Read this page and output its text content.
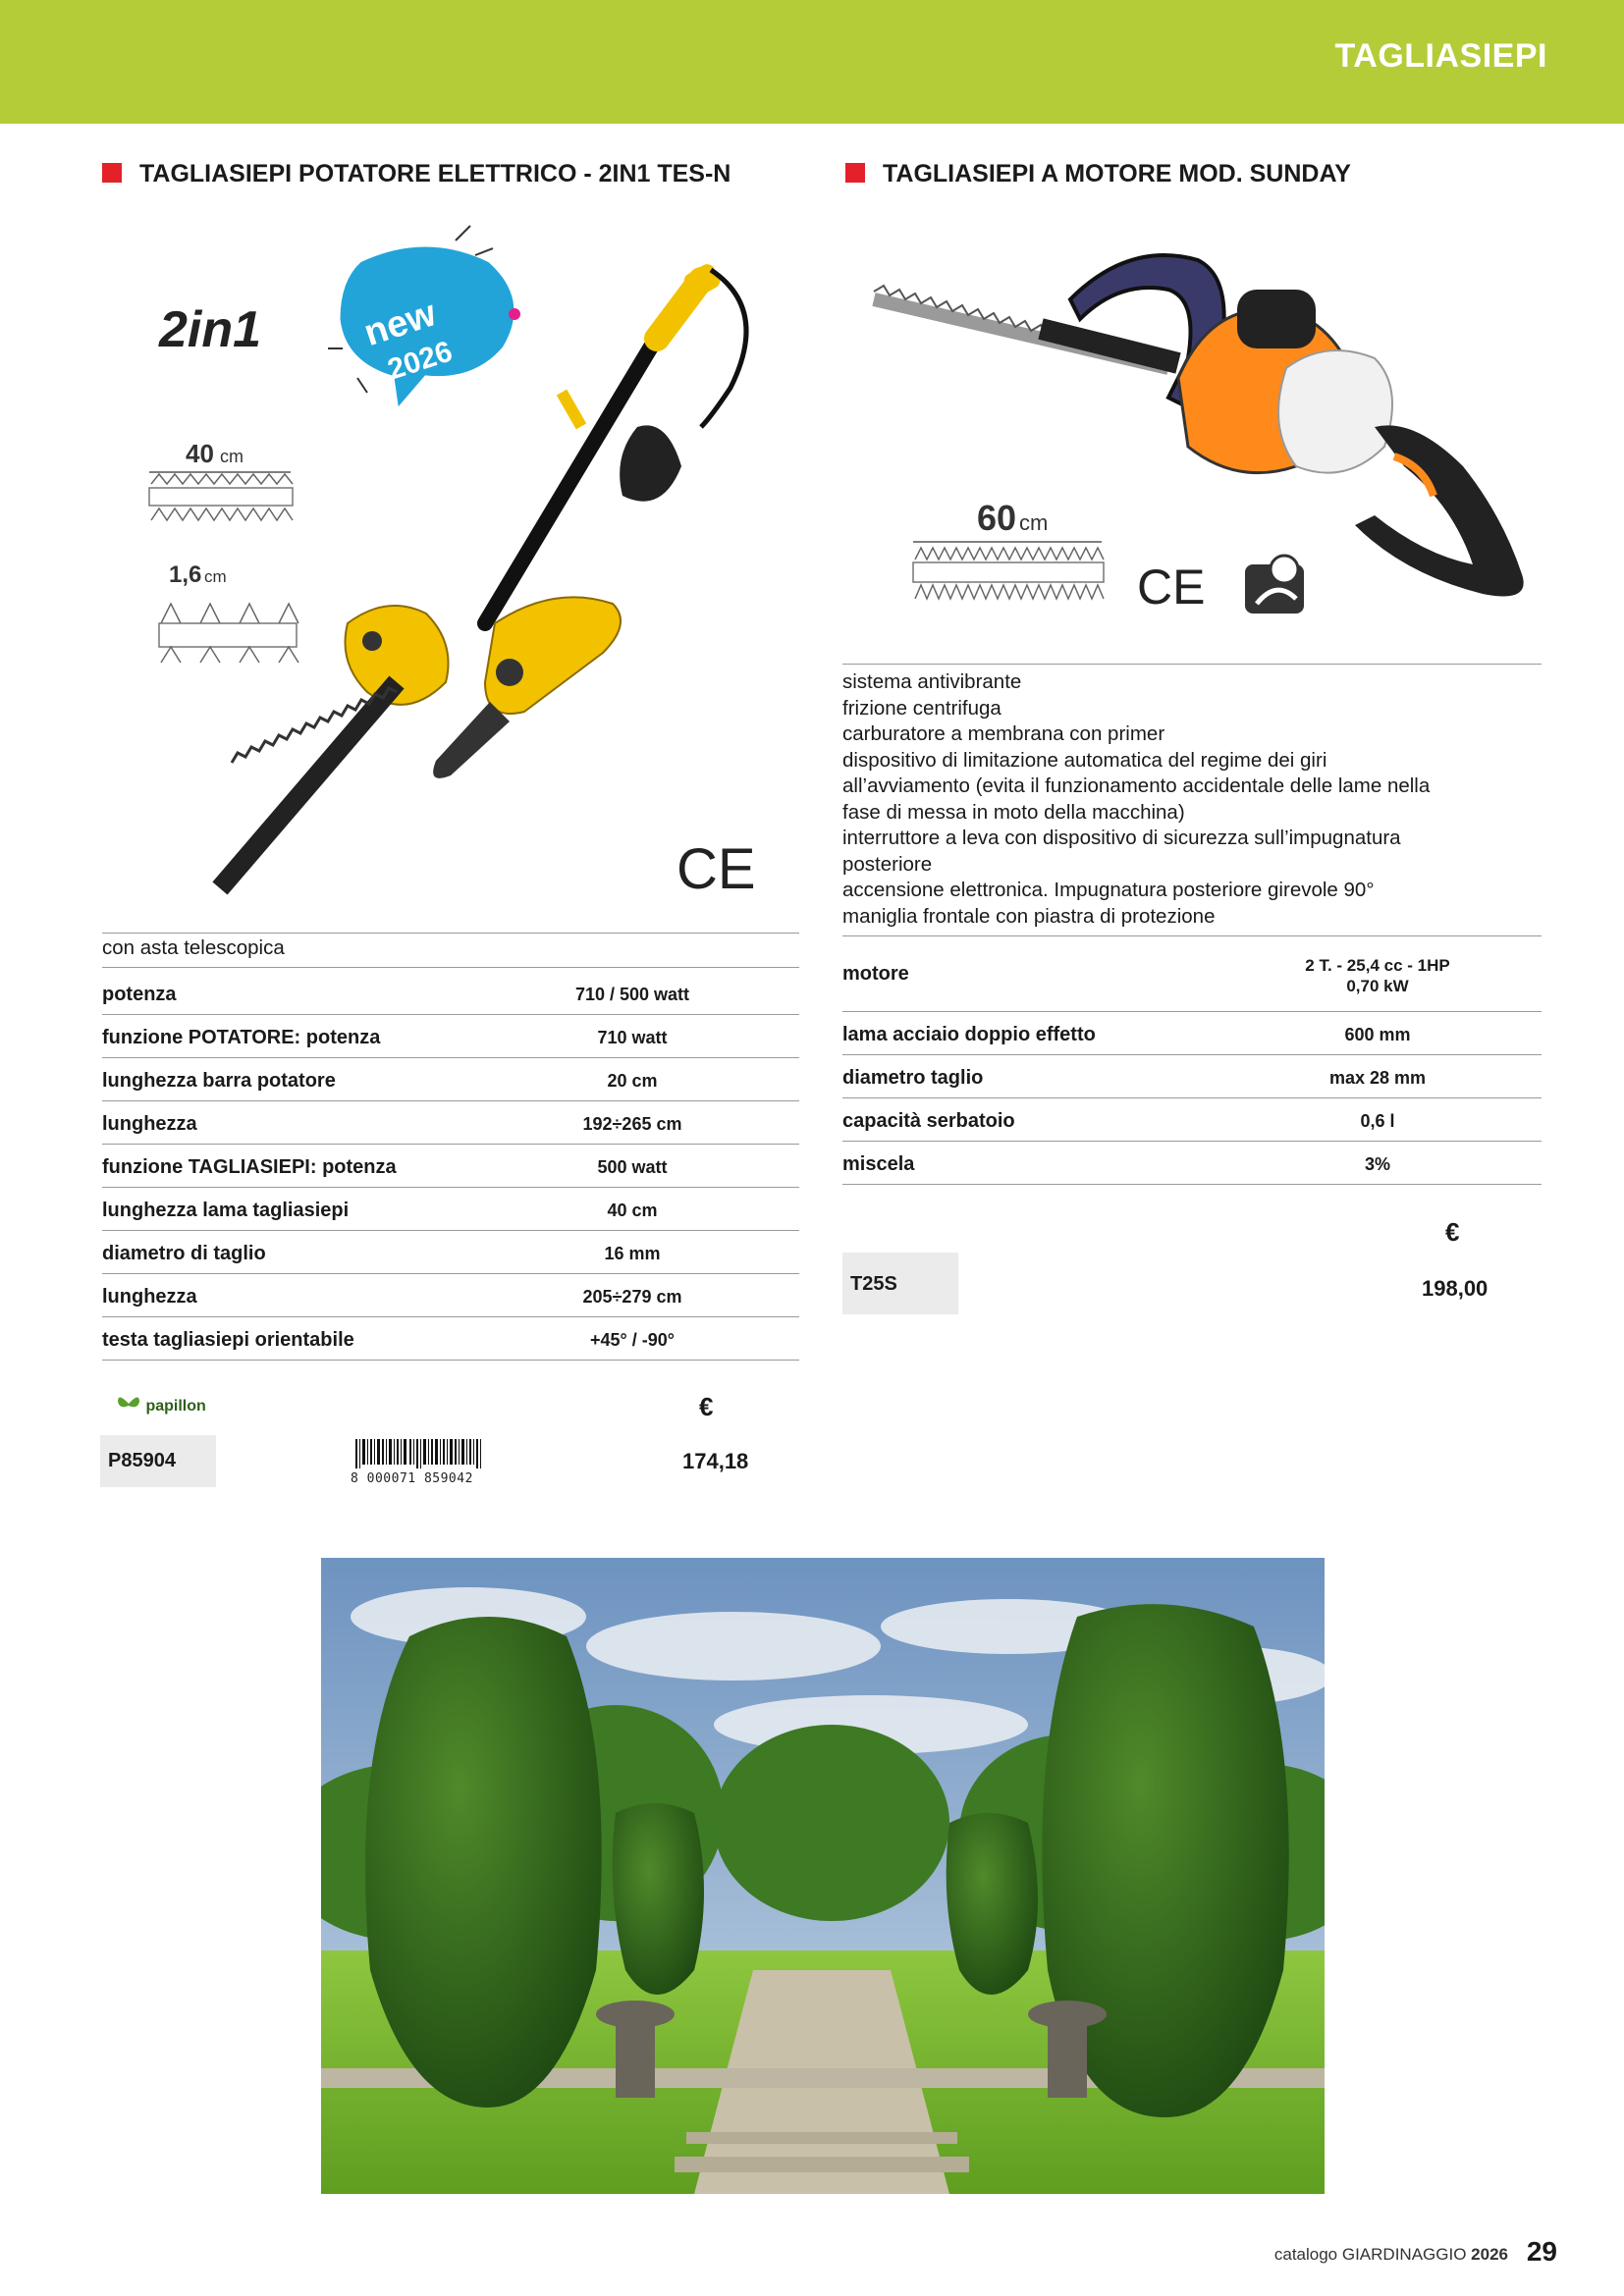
TAGLIASIEPI
TAGLIASIEPI POTATORE ELETTRICO - 2IN1 TES-N	TAGLIASIEPI A MOTORE MOD. SUNDAY
2in1	new
2026
40 cm
1,6 cm
CE
con asta telescopica
potenza	710 / 500 watt
funzione POTATORE: potenza	710 watt
lunghezza barra potatore	20 cm
lunghezza	192÷265 cm
funzione TAGLIASIEPI: potenza	500 watt
lunghezza lama tagliasiepi	40 cm
diametro di taglio	16 mm
lunghezza	205÷279 cm
testa tagliasiepi orientabile	+45° / -90°
papillon	€
P85904
8 000071 859042
174,18
60 cm
CE
sistema antivibrante
frizione centrifuga
carburatore a membrana con primer
dispositivo di limitazione automatica del regime dei giri
all’avviamento (evita il funzionamento accidentale delle lame nella
fase di messa in moto della macchina)
interruttore a leva con dispositivo di sicurezza sull’impugnatura
posteriore
accensione elettronica. Impugnatura posteriore girevole 90°
maniglia frontale con piastra di protezione
motore	2 T. - 25,4 cc - 1HP
0,70 kW
lama acciaio doppio effetto	600 mm
diametro taglio	max 28 mm
capacità serbatoio	0,6 l
miscela	3%
€
T25S	198,00
catalogo GIARDINAGGIO 2026 29
